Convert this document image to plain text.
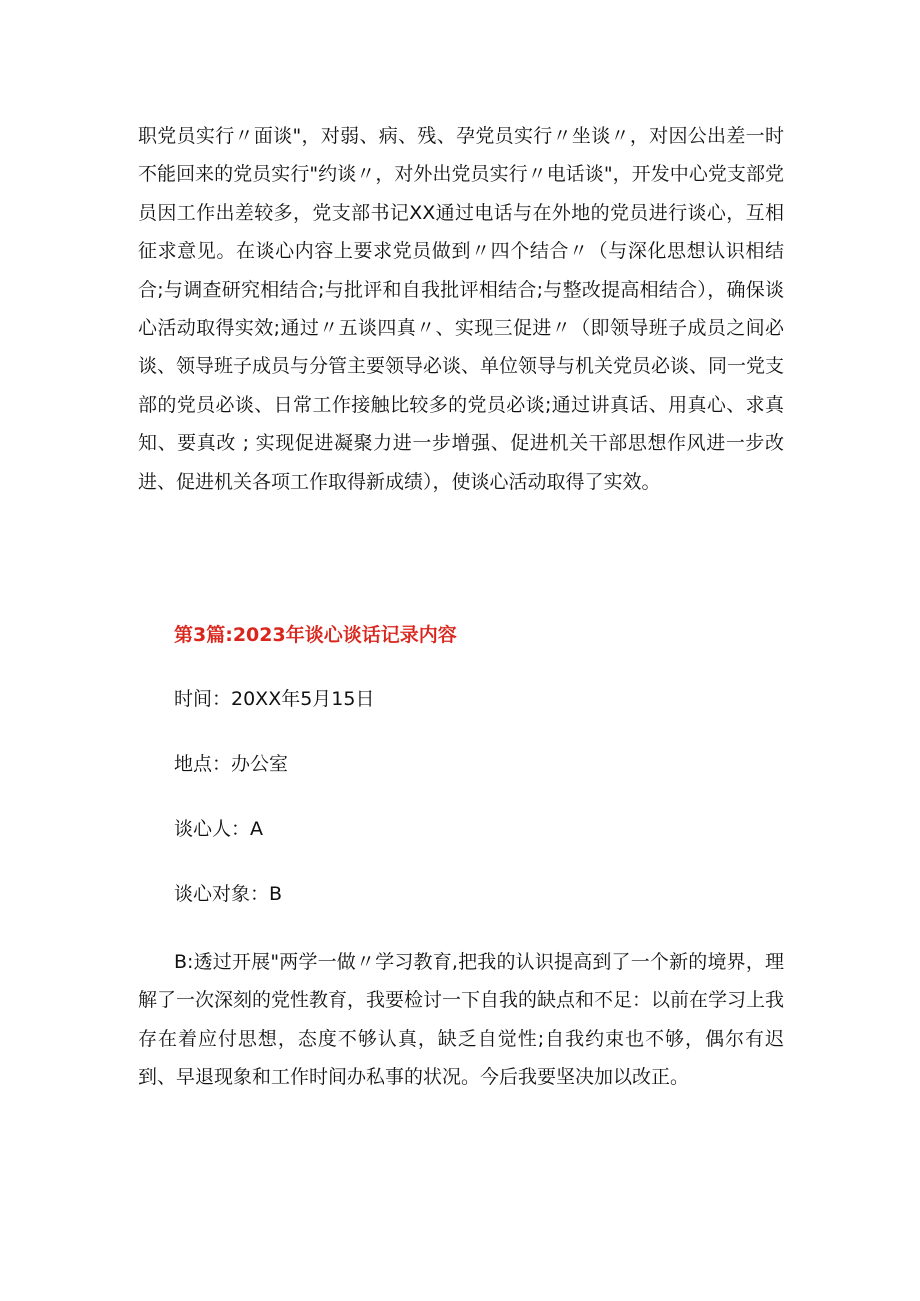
职党员实行〃面谈"，对弱、病、残、孕党员实行〃坐谈〃，对因公出差一时不能回来的党员实行"约谈〃，对外出党员实行〃电话谈"，开发中心党支部党员因工作出差较多，党支部书记XX通过电话与在外地的党员进行谈心，互相征求意见。在谈心内容上要求党员做到〃四个结合〃（与深化思想认识相结合;与调查研究相结合;与批评和自我批评相结合;与整改提高相结合），确保谈心活动取得实效;通过〃五谈四真〃、实现三促进〃（即领导班子成员之间必谈、领导班子成员与分管主要领导必谈、单位领导与机关党员必谈、同一党支部的党员必谈、日常工作接触比较多的党员必谈;通过讲真话、用真心、求真知、要真改 ; 实现促进凝聚力进一步增强、促进机关干部思想作风进一步改进、促进机关各项工作取得新成绩），使谈心活动取得了实效。

第3篇:2023年谈心谈话记录内容

时间：20XX年5月15日

地点：办公室

谈心人：A

谈心对象：B

B:透过开展"两学一做〃学习教育,把我的认识提高到了一个新的境界，理解了一次深刻的党性教育，我要检讨一下自我的缺点和不足：以前在学习上我存在着应付思想，态度不够认真，缺乏自觉性;自我约束也不够，偶尔有迟到、早退现象和工作时间办私事的状况。今后我要坚决加以改正。
